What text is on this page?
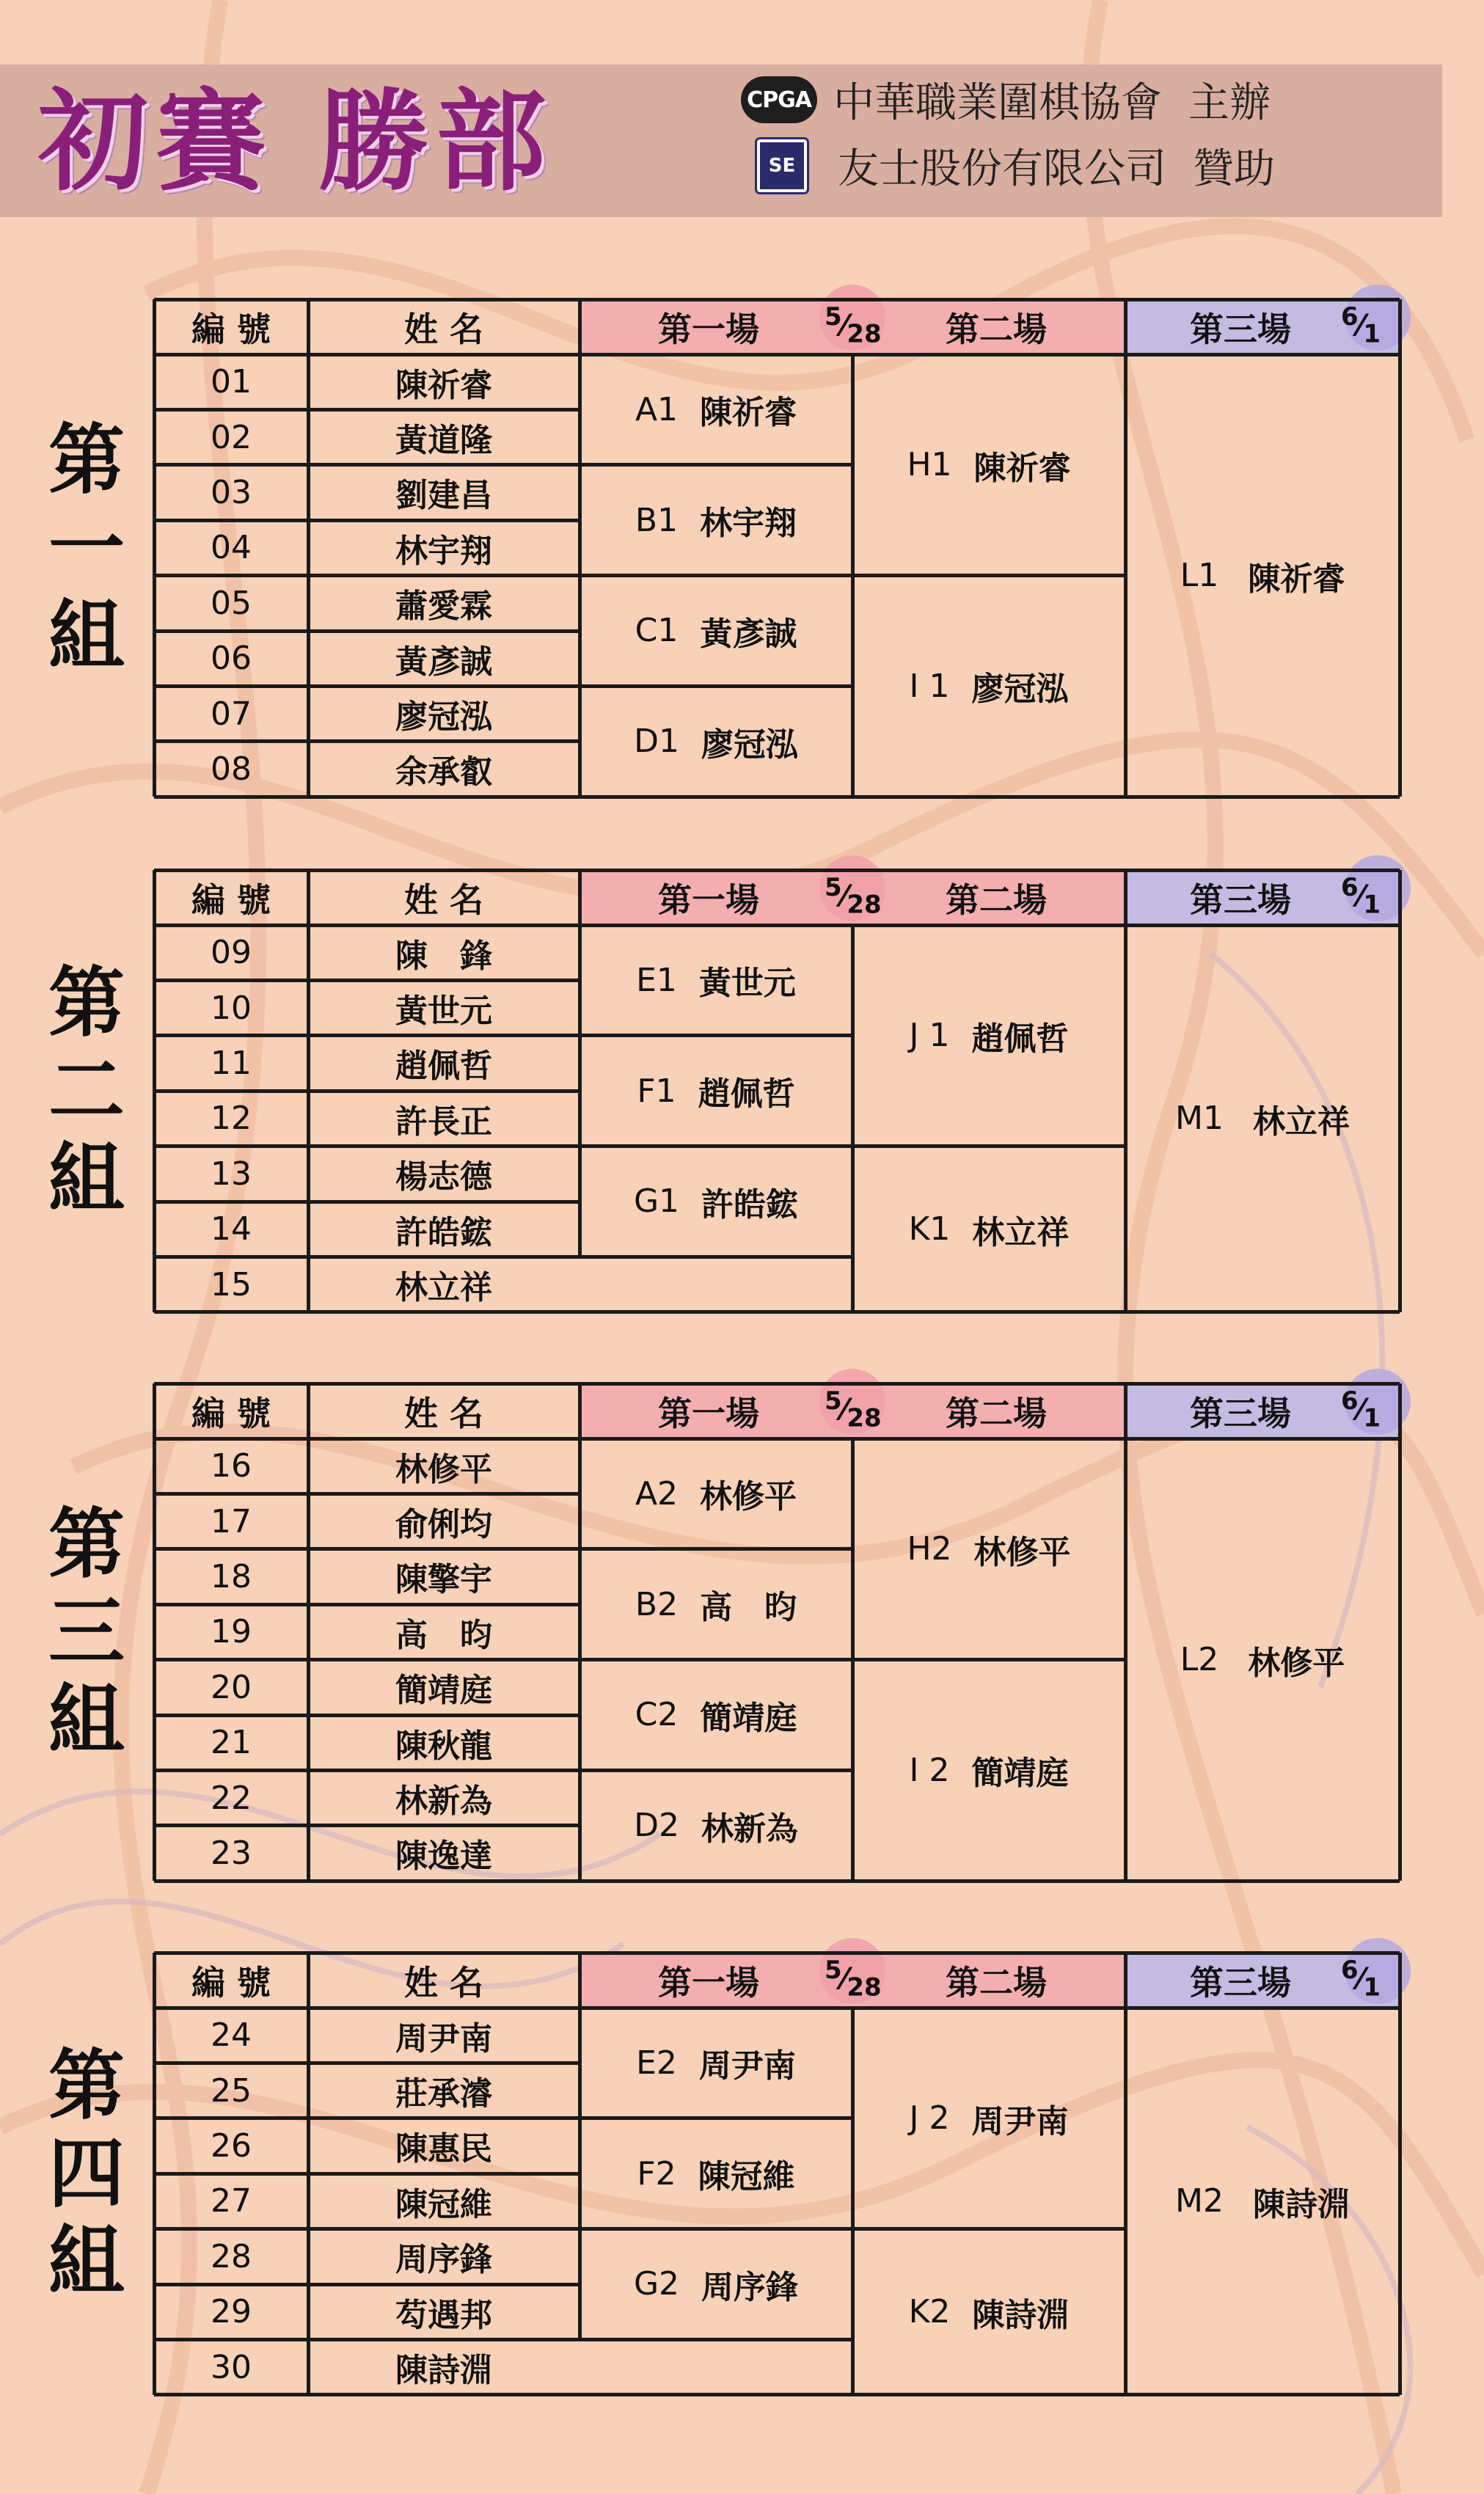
初賽 勝部	CPGA 中華職業圍棋協會 主辦
SE 友士股份有限公司 贊助
編 號	姓 名	第一場	第二場	第三場
$^5⁄_{28}$
$^6⁄_1$
01	陳祈睿
02	黃道隆
03	劉建昌
04	林宇翔
05	蕭愛霖
06	黃彥誠
07	廖冠泓
08	余承叡
A1 陳祈睿
B1 林宇翔
C1 黃彥誠
D1 廖冠泓
H1 陳祈睿
I 1 廖冠泓
L1 陳祈睿
編 號	姓 名	第一場	第二場	第三場
$^5⁄_{28}$
$^6⁄_1$
09	陳　鋒
10	黃世元
11	趙佩哲
12	許長正
13	楊志德
14	許皓鋐
15	林立祥
E1 黃世元
F1 趙佩哲
G1 許皓鋐
J 1 趙佩哲
K1 林立祥
M1 林立祥
編 號	姓 名	第一場	第二場	第三場
$^5⁄_{28}$
$^6⁄_1$
16	林修平
17	俞俐均
18	陳擎宇
19	高　昀
20	簡靖庭
21	陳秋龍
22	林新為
23	陳逸達
A2 林修平
B2 高　昀
C2 簡靖庭
D2 林新為
H2 林修平
I 2 簡靖庭
L2 林修平
編 號	姓 名	第一場	第二場	第三場
$^5⁄_{28}$
$^6⁄_1$
24	周尹南
25	莊承濬
26	陳惠民
27	陳冠維
28	周序鋒
29	芶遇邦
30	陳詩淵
E2 周尹南
F2 陳冠維
G2 周序鋒
J 2 周尹南
K2 陳詩淵
M2 陳詩淵
第
一
組
第
二
組
第
三
組
第
四
組
